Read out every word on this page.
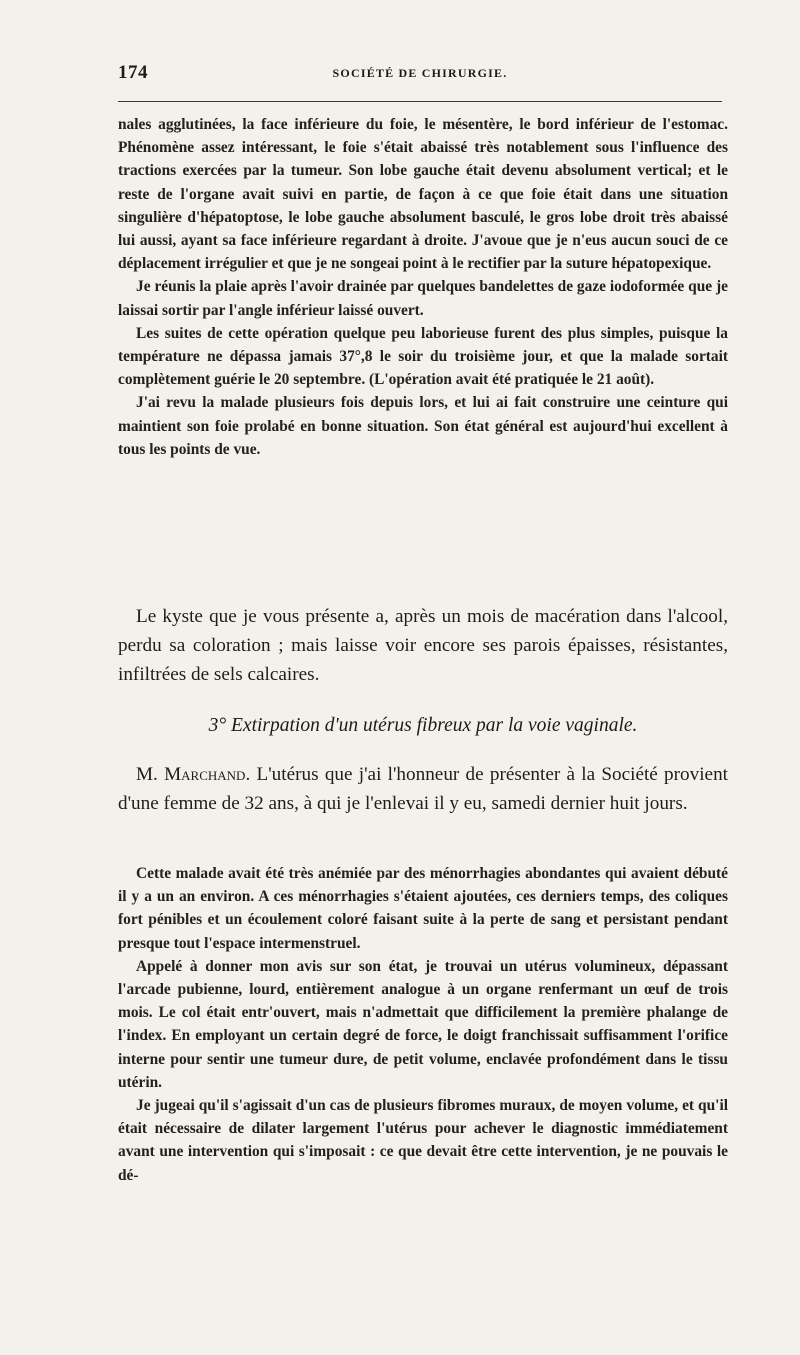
174	SOCIÉTÉ DE CHIRURGIE.

nales agglutinées, la face inférieure du foie, le mésentère, le bord inférieur de l'estomac. Phénomène assez intéressant, le foie s'était abaissé très notablement sous l'influence des tractions exercées par la tumeur. Son lobe gauche était devenu absolument vertical; et le reste de l'organe avait suivi en partie, de façon à ce que foie était dans une situation singulière d'hépatoptose, le lobe gauche absolument basculé, le gros lobe droit très abaissé lui aussi, ayant sa face inférieure regardant à droite. J'avoue que je n'eus aucun souci de ce déplacement irrégulier et que je ne songeai point à le rectifier par la suture hépatopexique.

Je réunis la plaie après l'avoir drainée par quelques bandelettes de gaze iodoformée que je laissai sortir par l'angle inférieur laissé ouvert.

Les suites de cette opération quelque peu laborieuse furent des plus simples, puisque la température ne dépassa jamais 37°,8 le soir du troisième jour, et que la malade sortait complètement guérie le 20 septembre. (L'opération avait été pratiquée le 21 août).

J'ai revu la malade plusieurs fois depuis lors, et lui ai fait construire une ceinture qui maintient son foie prolabé en bonne situation. Son état général est aujourd'hui excellent à tous les points de vue.

Le kyste que je vous présente a, après un mois de macération dans l'alcool, perdu sa coloration ; mais laisse voir encore ses parois épaisses, résistantes, infiltrées de sels calcaires.

3° Extirpation d'un utérus fibreux par la voie vaginale.

M. Marchand. L'utérus que j'ai l'honneur de présenter à la Société provient d'une femme de 32 ans, à qui je l'enlevai il y eu, samedi dernier huit jours.

Cette malade avait été très anémiée par des ménorrhagies abondantes qui avaient débuté il y a un an environ. A ces ménorrhagies s'étaient ajoutées, ces derniers temps, des coliques fort pénibles et un écoulement coloré faisant suite à la perte de sang et persistant pendant presque tout l'espace intermenstruel.

Appelé à donner mon avis sur son état, je trouvai un utérus volumineux, dépassant l'arcade pubienne, lourd, entièrement analogue à un organe renfermant un œuf de trois mois. Le col était entr'ouvert, mais n'admettait que difficilement la première phalange de l'index. En employant un certain degré de force, le doigt franchissait suffisamment l'orifice interne pour sentir une tumeur dure, de petit volume, enclavée profondément dans le tissu utérin.

Je jugeai qu'il s'agissait d'un cas de plusieurs fibromes muraux, de moyen volume, et qu'il était nécessaire de dilater largement l'utérus pour achever le diagnostic immédiatement avant une intervention qui s'imposait : ce que devait être cette intervention, je ne pouvais le dé-
